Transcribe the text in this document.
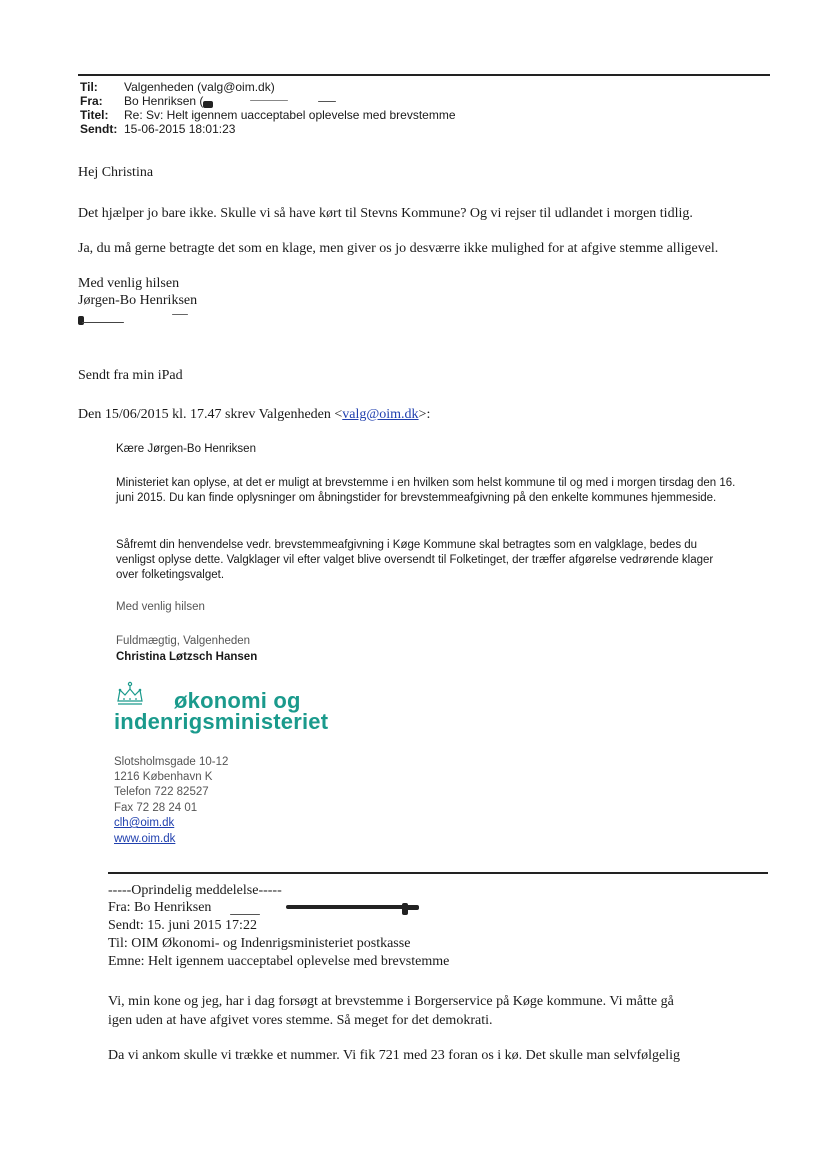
Til:	Valgenheden (valg@oim.dk)
Fra:	Bo Henriksen (
Titel:	Re: Sv: Helt igennem uacceptabel oplevelse med brevstemme
Sendt: 15-06-2015 18:01:23
Hej Christina
Det hjælper jo bare ikke. Skulle vi så have kørt til Stevns Kommune? Og vi rejser til udlandet i morgen tidlig.
Ja, du må gerne betragte det som en klage, men giver os jo desværre ikke mulighed for at afgive stemme alligevel.
Med venlig hilsen
Jørgen-Bo Henriksen
Sendt fra min iPad
Den 15/06/2015 kl. 17.47 skrev Valgenheden <valg@oim.dk>:
Kære Jørgen-Bo Henriksen
Ministeriet kan oplyse, at det er muligt at brevstemme i en hvilken som helst kommune til og med i morgen tirsdag den 16. juni 2015. Du kan finde oplysninger om åbningstider for brevstemmeafgivning på den enkelte kommunes hjemmeside.
Såfremt din henvendelse vedr. brevstemmeafgivning i Køge Kommune skal betragtes som en valgklage, bedes du venligst oplyse dette. Valgklager vil efter valget blive oversendt til Folketinget, der træffer afgørelse vedrørende klager over folketingsvalget.
Med venlig hilsen
Fuldmægtig, Valgenheden
Christina Løtzsch Hansen
økonomi og
indenrigsministeriet
Slotsholmsgade 10-12
1216 København K
Telefon 722 82527
Fax 72 28 24 01
clh@oim.dk
www.oim.dk
-----Oprindelig meddelelse-----
Fra: Bo Henriksen
Sendt: 15. juni 2015 17:22
Til: OIM Økonomi- og Indenrigsministeriet postkasse
Emne: Helt igennem uacceptabel oplevelse med brevstemme
Vi, min kone og jeg, har i dag forsøgt at brevstemme i Borgerservice på Køge kommune. Vi måtte gå
igen uden at have afgivet vores stemme. Så meget for det demokrati.
Da vi ankom skulle vi trække et nummer. Vi fik 721 med 23 foran os i kø. Det skulle man selvfølgelig
